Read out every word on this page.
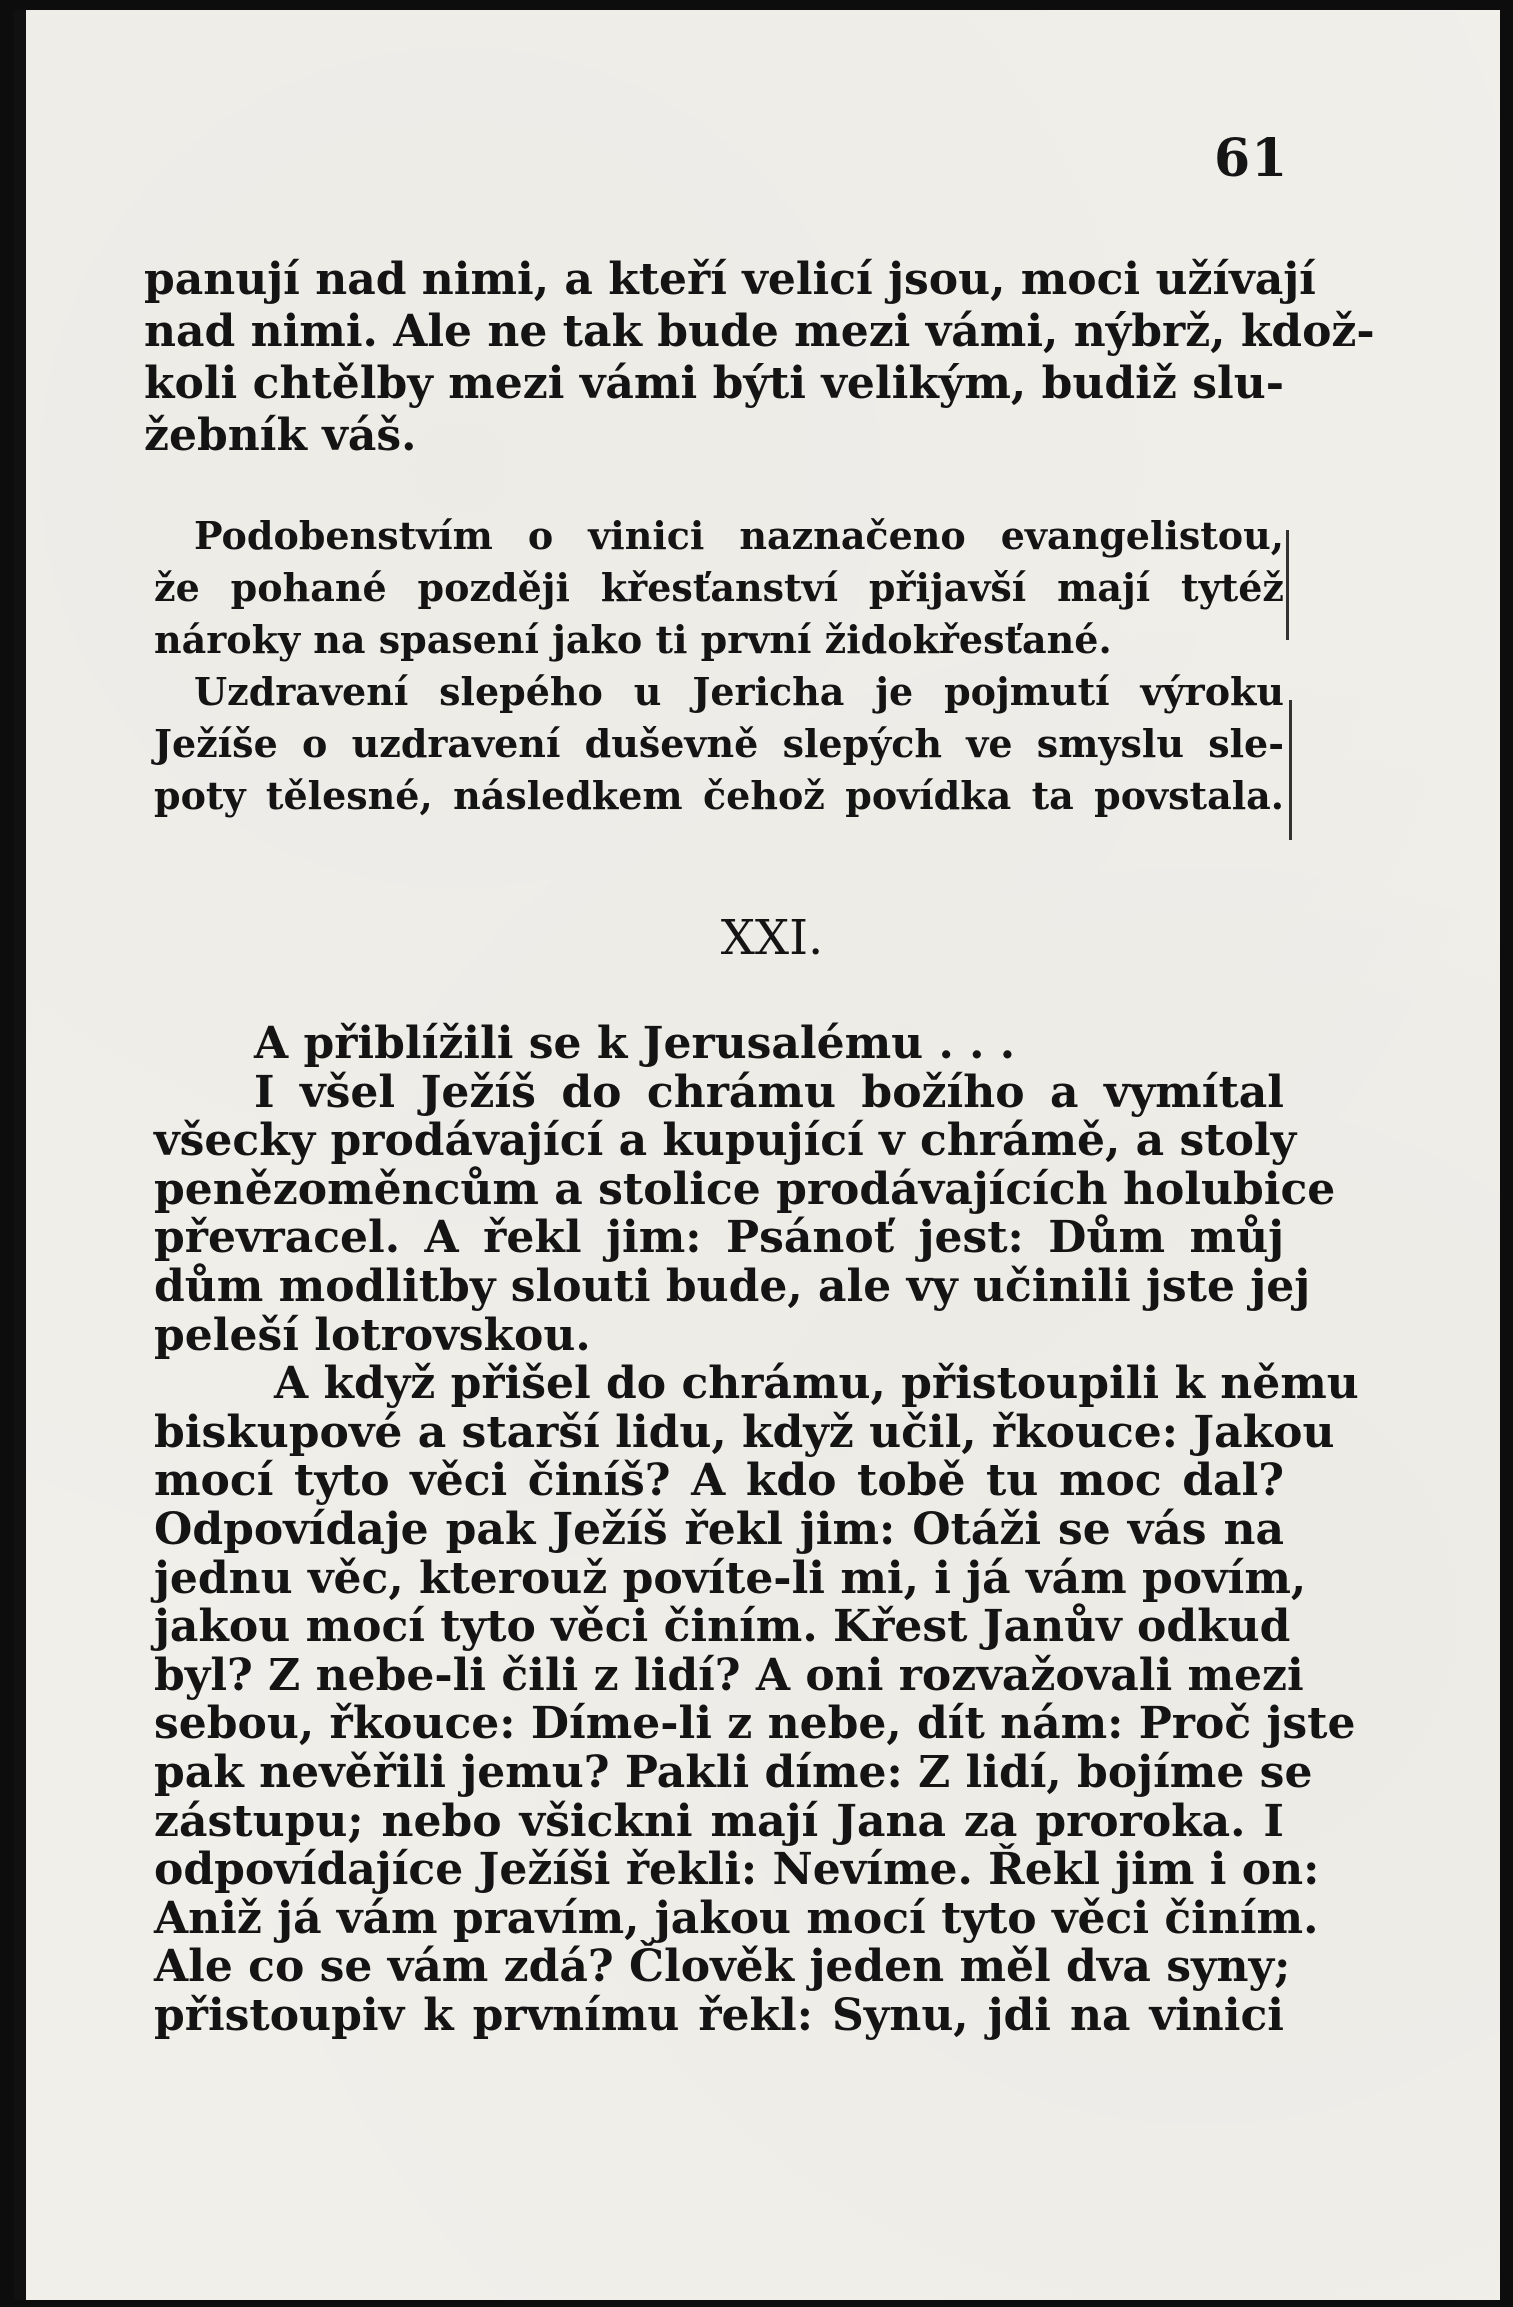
61
panují nad nimi, a kteří velicí jsou, moci užívají
nad nimi. Ale ne tak bude mezi vámi, nýbrž, kdož-
koli chtělby mezi vámi býti velikým, budiž slu-
žebník váš.
Podobenstvím o vinici naznačeno evangelistou,
že pohané později křesťanství přijavší mají tytéž
nároky na spasení jako ti první židokřesťané.
Uzdravení slepého u Jericha je pojmutí výroku
Ježíše o uzdravení duševně slepých ve smyslu sle-
poty tělesné, následkem čehož povídka ta povstala.
XXI.
A přiblížili se k Jerusalému . . .
I všel Ježíš do chrámu božího a vymítal
všecky prodávající a kupující v chrámě, a stoly
penězoměncům a stolice prodávajících holubice
převracel. A řekl jim: Psánoť jest: Dům můj
dům modlitby slouti bude, ale vy učinili jste jej
peleší lotrovskou.
A když přišel do chrámu, přistoupili k němu
biskupové a starší lidu, když učil, řkouce: Jakou
mocí tyto věci činíš? A kdo tobě tu moc dal?
Odpovídaje pak Ježíš řekl jim: Otáži se vás na
jednu věc, kterouž povíte-li mi, i já vám povím,
jakou mocí tyto věci činím. Křest Janův odkud
byl? Z nebe-li čili z lidí? A oni rozvažovali mezi
sebou, řkouce: Díme-li z nebe, dít nám: Proč jste
pak nevěřili jemu? Pakli díme: Z lidí, bojíme se
zástupu; nebo všickni mají Jana za proroka. I
odpovídajíce Ježíši řekli: Nevíme. Řekl jim i on:
Aniž já vám pravím, jakou mocí tyto věci činím.
Ale co se vám zdá? Člověk jeden měl dva syny;
přistoupiv k prvnímu řekl: Synu, jdi na vinici
